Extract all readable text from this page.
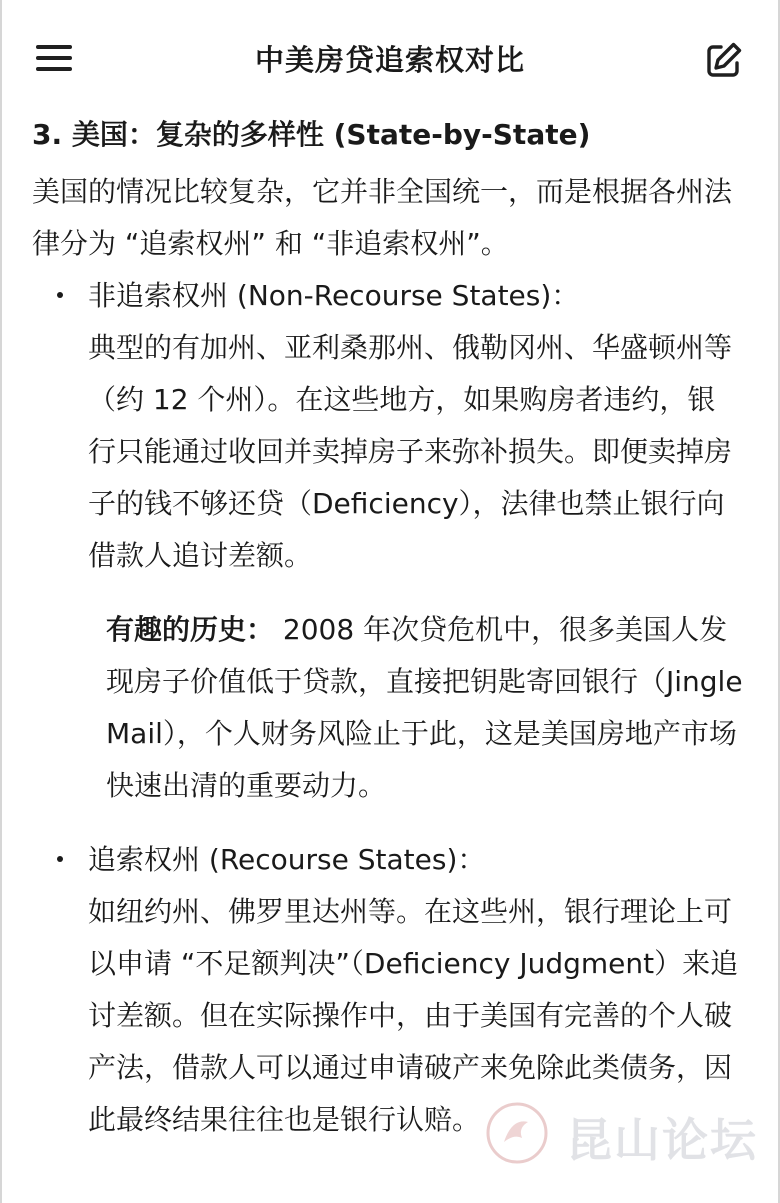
中美房贷追索权对比
3. 美国：复杂的多样性 (State-by-State)

美国的情况比较复杂，它并非全国统一，而是根据各州法律分为 “追索权州” 和 “非追索权州”。

非追索权州 (Non-Recourse States)：

典型的有加州、亚利桑那州、俄勒冈州、华盛顿州等（约 12 个州）。在这些地方，如果购房者违约，银行只能通过收回并卖掉房子来弥补损失。即便卖掉房子的钱不够还贷（Deficiency），法律也禁止银行向借款人追讨差额。

有趣的历史： 2008 年次贷危机中，很多美国人发现房子价值低于贷款，直接把钥匙寄回银行（Jingle Mail），个人财务风险止于此，这是美国房地产市场快速出清的重要动力。

追索权州 (Recourse States)：

如纽约州、佛罗里达州等。在这些州，银行理论上可以申请 “不足额判决”（Deficiency Judgment）来追讨差额。但在实际操作中，由于美国有完善的个人破产法，借款人可以通过申请破产来免除此类债务，因此最终结果往往也是银行认赔。	昆山论坛
